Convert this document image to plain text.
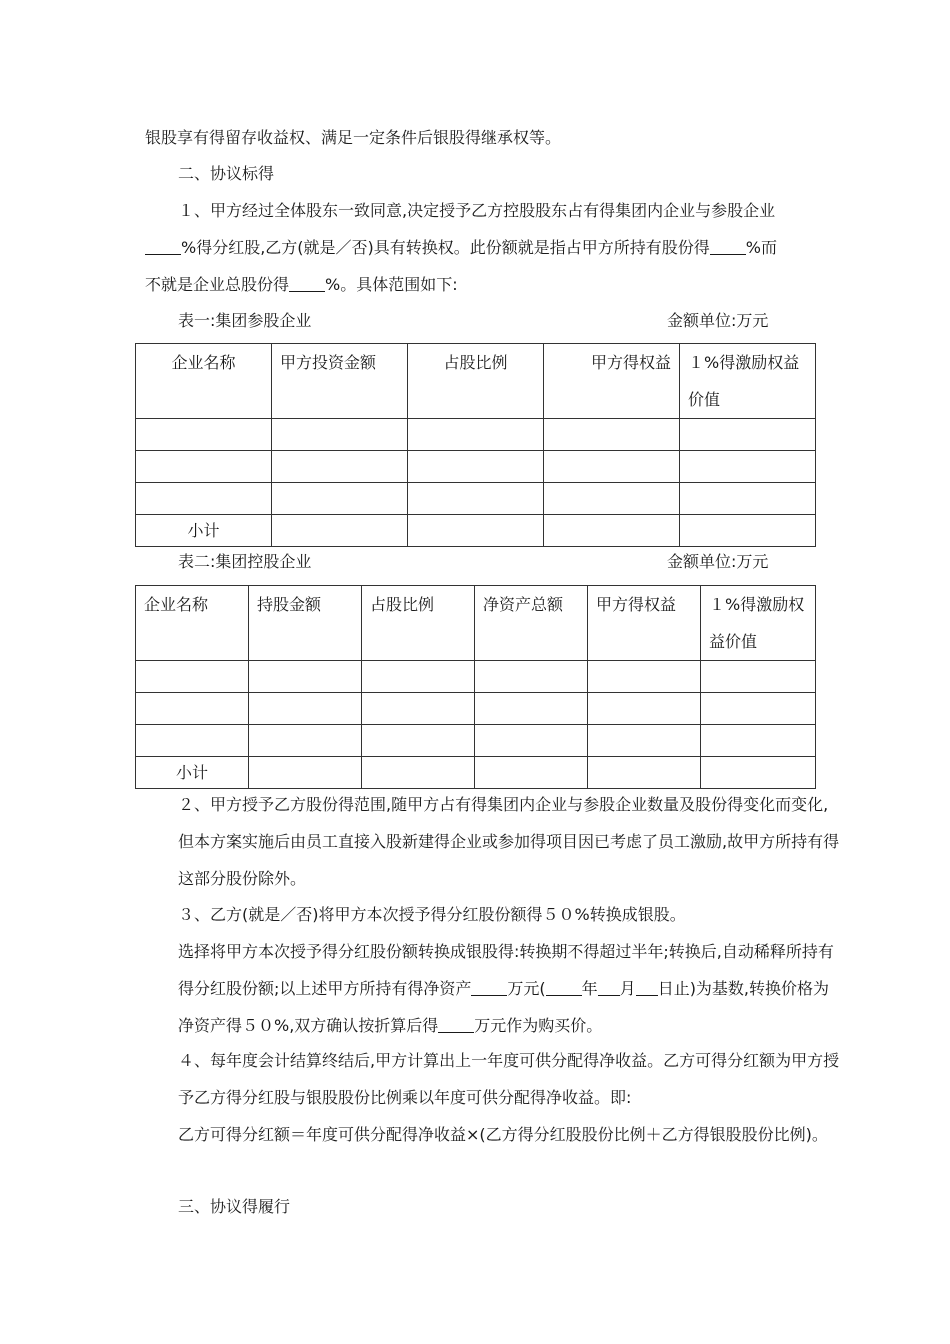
银股享有得留存收益权、满足一定条件后银股得继承权等。

二、协议标得

１、甲方经过全体股东一致同意,决定授予乙方控股股东占有得集团内企业与参股企业

%得分红股,乙方(就是／否)具有转换权。此份额就是指占甲方所持有股份得 %而

不就是企业总股份得 %。具体范围如下:

表一:集团参股企业	金额单位:万元
企业名称	甲方投资金额	占股比例	甲方得权益	１%得激励权益价值

小计				
表二:集团控股企业	金额单位:万元
企业名称	持股金额	占股比例	净资产总额	甲方得权益	１%得激励权益价值

小计					

２、甲方授予乙方股份得范围,随甲方占有得集团内企业与参股企业数量及股份得变化而变化,但本方案实施后由员工直接入股新建得企业或参加得项目因已考虑了员工激励,故甲方所持有得这部分股份除外。

３、乙方(就是／否)将甲方本次授予得分红股份额得５０%转换成银股。

选择将甲方本次授予得分红股份额转换成银股得:转换期不得超过半年;转换后,自动稀释所持有得分红股份额;以上述甲方所持有得净资产 万元( 年 月 日止)为基数,转换价格为净资产得５０%,双方确认按折算后得 万元作为购买价。

４、每年度会计结算终结后,甲方计算出上一年度可供分配得净收益。乙方可得分红额为甲方授予乙方得分红股与银股股份比例乘以年度可供分配得净收益。即:

乙方可得分红额＝年度可供分配得净收益×(乙方得分红股股份比例＋乙方得银股股份比例)。

三、协议得履行
